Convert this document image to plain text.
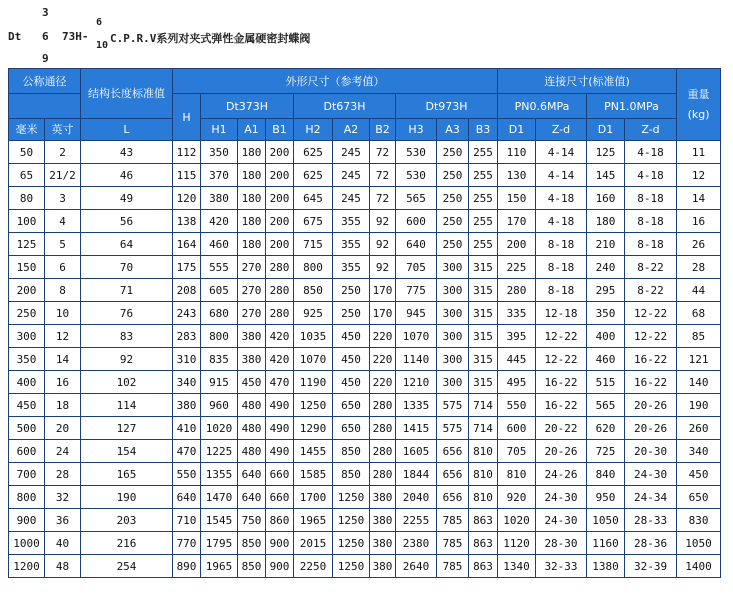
Dt
3
6
9
73H-
6
10
C.P.R.V系列对夹式弹性金属硬密封蝶阀
公称通径		结构长度标准值	外形尺寸（参考值）										连接尺寸(标准值)				重量(kg)
			H	Dt373H			Dt673H			Dt973H			PN0.6MPa		PN1.0MPa		
毫米	英寸	L		H1	A1	B1	H2	A2	B2	H3	A3	B3	D1	Z-d	D1	Z-d	
50	2	43	112	350	180	200	625	245	72	530	250	255	110	4-14	125	4-18	11
65	21/2	46	115	370	180	200	625	245	72	530	250	255	130	4-14	145	4-18	12
80	3	49	120	380	180	200	645	245	72	565	250	255	150	4-18	160	8-18	14
100	4	56	138	420	180	200	675	355	92	600	250	255	170	4-18	180	8-18	16
125	5	64	164	460	180	200	715	355	92	640	250	255	200	8-18	210	8-18	26
150	6	70	175	555	270	280	800	355	92	705	300	315	225	8-18	240	8-22	28
200	8	71	208	605	270	280	850	250	170	775	300	315	280	8-18	295	8-22	44
250	10	76	243	680	270	280	925	250	170	945	300	315	335	12-18	350	12-22	68
300	12	83	283	800	380	420	1035	450	220	1070	300	315	395	12-22	400	12-22	85
350	14	92	310	835	380	420	1070	450	220	1140	300	315	445	12-22	460	16-22	121
400	16	102	340	915	450	470	1190	450	220	1210	300	315	495	16-22	515	16-22	140
450	18	114	380	960	480	490	1250	650	280	1335	575	714	550	16-22	565	20-26	190
500	20	127	410	1020	480	490	1290	650	280	1415	575	714	600	20-22	620	20-26	260
600	24	154	470	1225	480	490	1455	850	280	1605	656	810	705	20-26	725	20-30	340
700	28	165	550	1355	640	660	1585	850	280	1844	656	810	810	24-26	840	24-30	450
800	32	190	640	1470	640	660	1700	1250	380	2040	656	810	920	24-30	950	24-34	650
900	36	203	710	1545	750	860	1965	1250	380	2255	785	863	1020	24-30	1050	28-33	830
1000	40	216	770	1795	850	900	2015	1250	380	2380	785	863	1120	28-30	1160	28-36	1050
1200	48	254	890	1965	850	900	2250	1250	380	2640	785	863	1340	32-33	1380	32-39	1400
